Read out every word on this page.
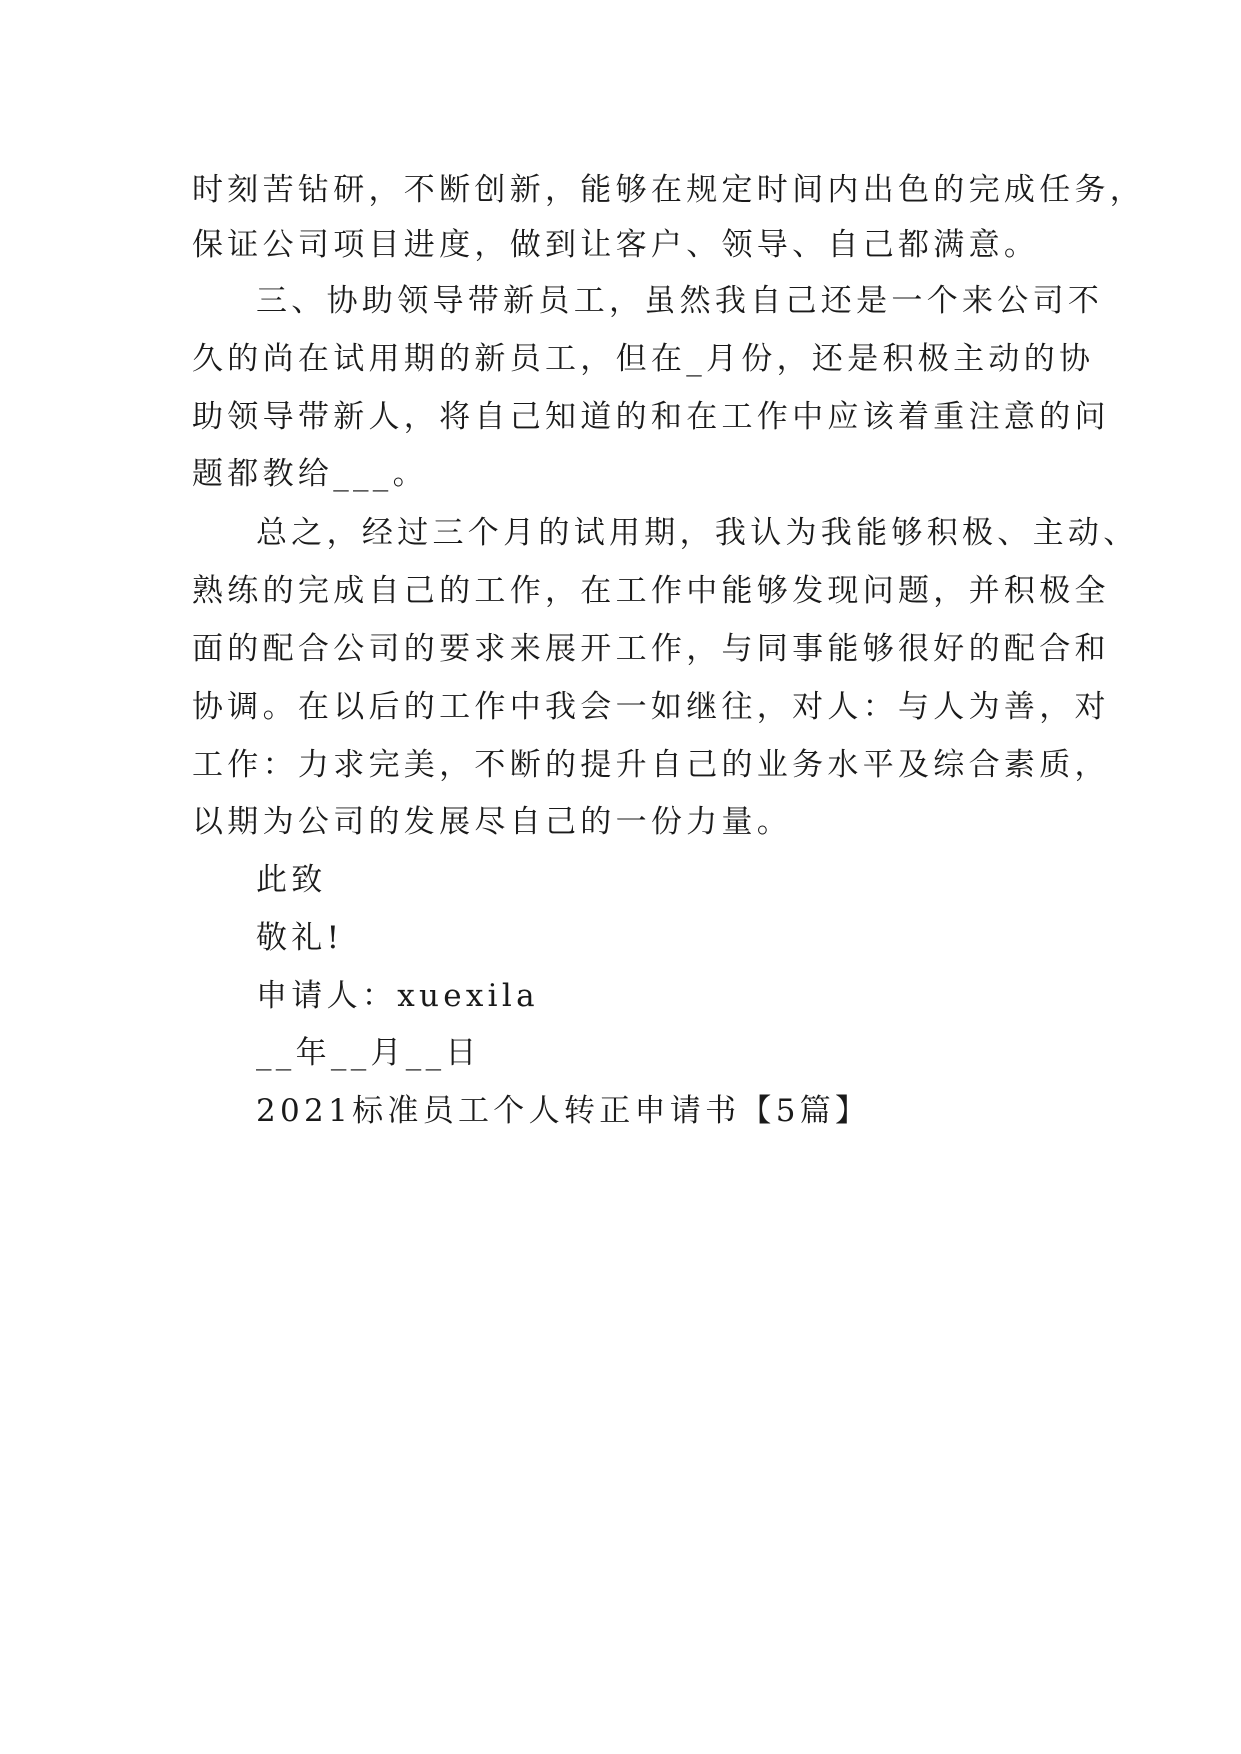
时刻苦钻研，不断创新，能够在规定时间内出色的完成任务，
保证公司项目进度，做到让客户、领导、自己都满意。
三、协助领导带新员工，虽然我自己还是一个来公司不
久的尚在试用期的新员工，但在_月份，还是积极主动的协
助领导带新人，将自己知道的和在工作中应该着重注意的问
题都教给___。
总之，经过三个月的试用期，我认为我能够积极、主动、
熟练的完成自己的工作，在工作中能够发现问题，并积极全
面的配合公司的要求来展开工作，与同事能够很好的配合和
协调。在以后的工作中我会一如继往，对人：与人为善，对
工作：力求完美，不断的提升自己的业务水平及综合素质，
以期为公司的发展尽自己的一份力量。
此致
敬礼!
申请人：xuexila
__年__月__日
2021标准员工个人转正申请书【5篇】
